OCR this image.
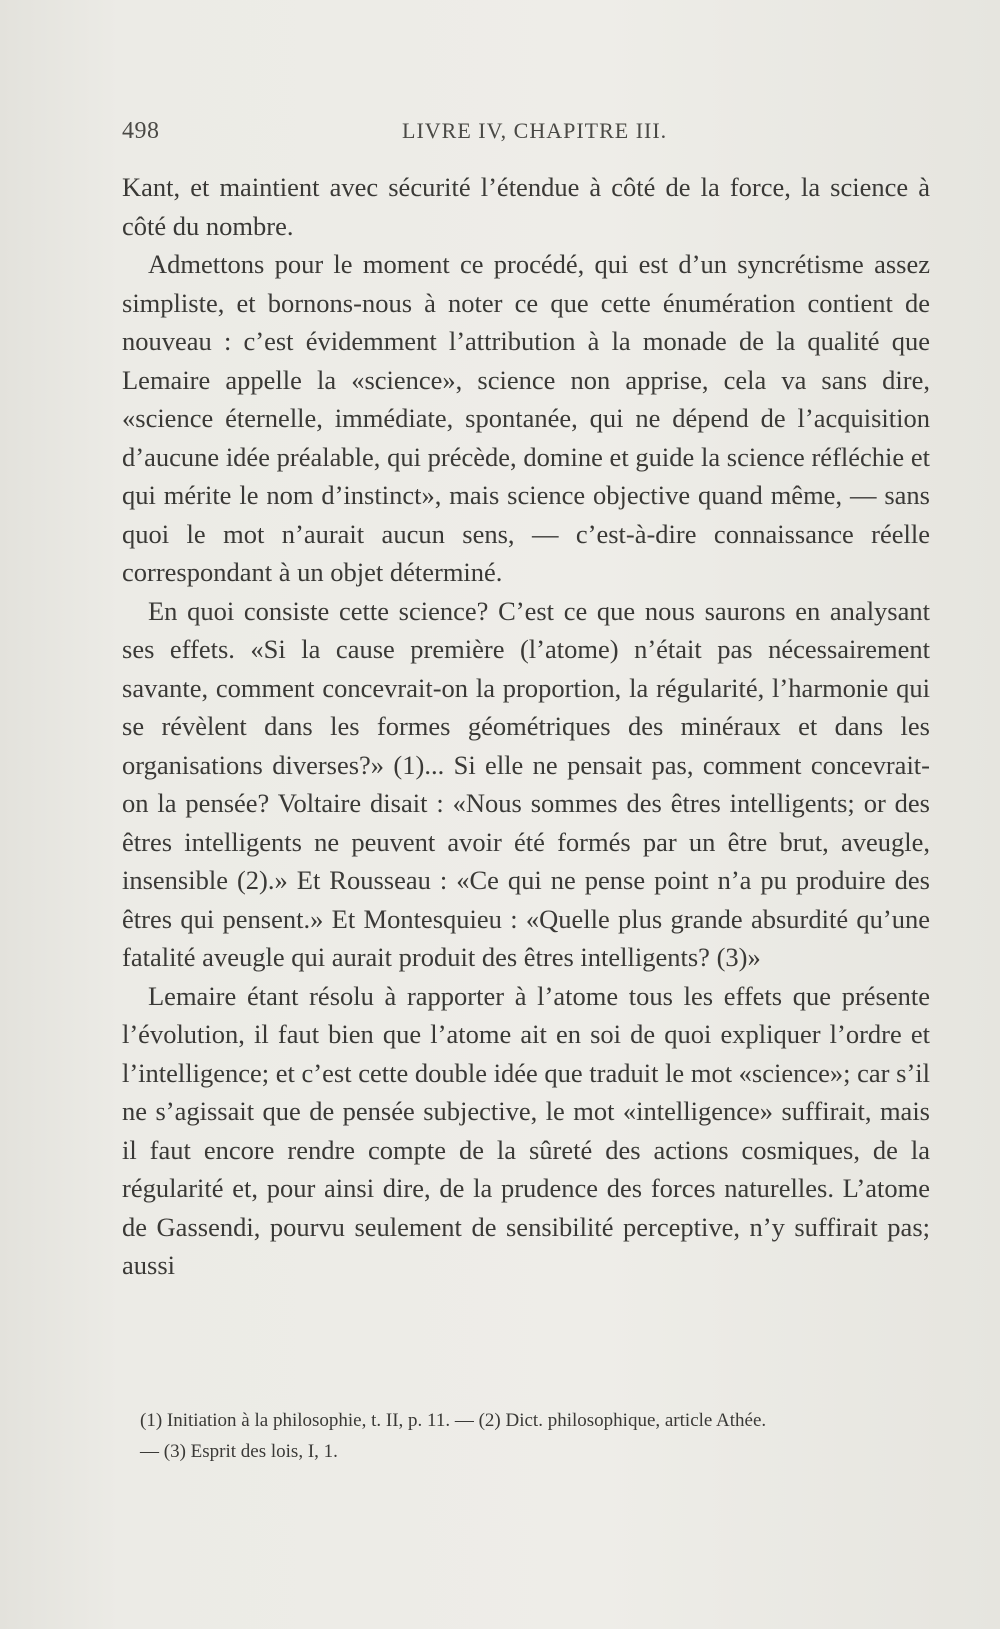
498	LIVRE IV, CHAPITRE III.

Kant, et maintient avec sécurité l’étendue à côté de la force, la science à côté du nombre.

Admettons pour le moment ce procédé, qui est d’un syncrétisme assez simpliste, et bornons-nous à noter ce que cette énumération contient de nouveau : c’est évidemment l’attribution à la monade de la qualité que Lemaire appelle la «science», science non apprise, cela va sans dire, «science éternelle, immédiate, spontanée, qui ne dépend de l’acquisition d’aucune idée préalable, qui précède, domine et guide la science réfléchie et qui mérite le nom d’instinct», mais science objective quand même, — sans quoi le mot n’aurait aucun sens, — c’est-à-dire connaissance réelle correspondant à un objet déterminé.

En quoi consiste cette science? C’est ce que nous saurons en analysant ses effets. «Si la cause première (l’atome) n’était pas nécessairement savante, comment concevrait-on la proportion, la régularité, l’harmonie qui se révèlent dans les formes géométriques des minéraux et dans les organisations diverses?» (1)... Si elle ne pensait pas, comment concevrait-on la pensée? Voltaire disait : «Nous sommes des êtres intelligents; or des êtres intelligents ne peuvent avoir été formés par un être brut, aveugle, insensible (2).» Et Rousseau : «Ce qui ne pense point n’a pu produire des êtres qui pensent.» Et Montesquieu : «Quelle plus grande absurdité qu’une fatalité aveugle qui aurait produit des êtres intelligents? (3)»

Lemaire étant résolu à rapporter à l’atome tous les effets que présente l’évolution, il faut bien que l’atome ait en soi de quoi expliquer l’ordre et l’intelligence; et c’est cette double idée que traduit le mot «science»; car s’il ne s’agissait que de pensée subjective, le mot «intelligence» suffirait, mais il faut encore rendre compte de la sûreté des actions cosmiques, de la régularité et, pour ainsi dire, de la prudence des forces naturelles. L’atome de Gassendi, pourvu seulement de sensibilité perceptive, n’y suffirait pas; aussi

(1) Initiation à la philosophie, t. II, p. 11. — (2) Dict. philosophique, article Athée.

— (3) Esprit des lois, I, 1.
